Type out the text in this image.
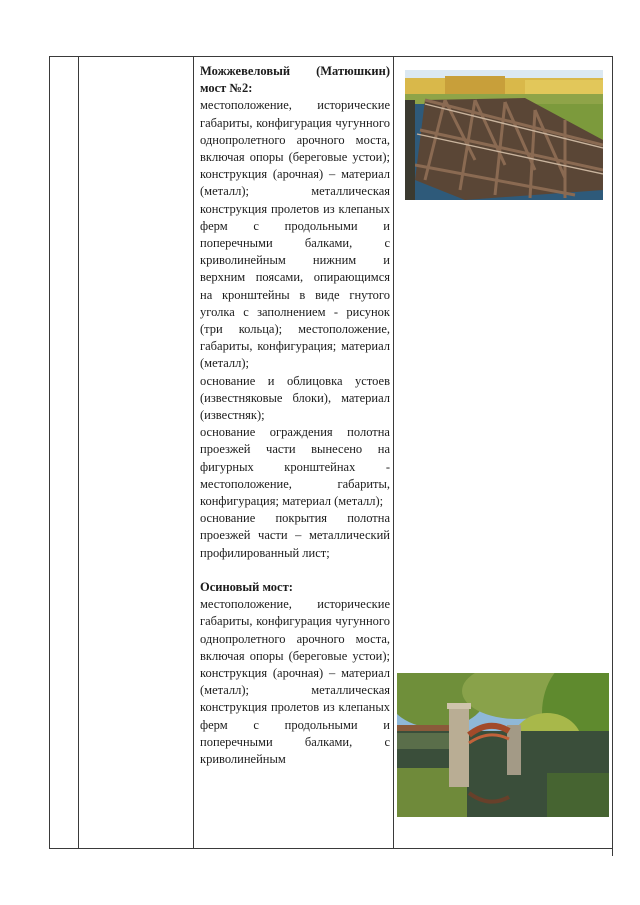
Можжевеловый (Матюшкин) мост №2:

местоположение, исторические габариты, конфигурация чугунного однопролетного арочного моста, включая опоры (береговые устои); конструкция (арочная) – материал (металл); металлическая конструкция пролетов из клепаных ферм с продольными и поперечными балками, с криволинейным нижним и верхним поясами, опирающимся на кронштейны в виде гнутого уголка с заполнением - рисунок (три кольца); местоположение, габариты, конфигурация; материал (металл);

основание и облицовка устоев (известняковые блоки), материал (известняк);

основание ограждения полотна проезжей части вынесено на фигурных кронштейнах - местоположение, габариты, конфигурация; материал (металл);

основание покрытия полотна проезжей части – металлический профилированный лист;

Осиновый мост:

местоположение, исторические габариты, конфигурация чугунного однопролетного арочного моста, включая опоры (береговые устои); конструкция (арочная) – материал (металл); металлическая конструкция пролетов из клепаных ферм с продольными и поперечными балками, с криволинейным
